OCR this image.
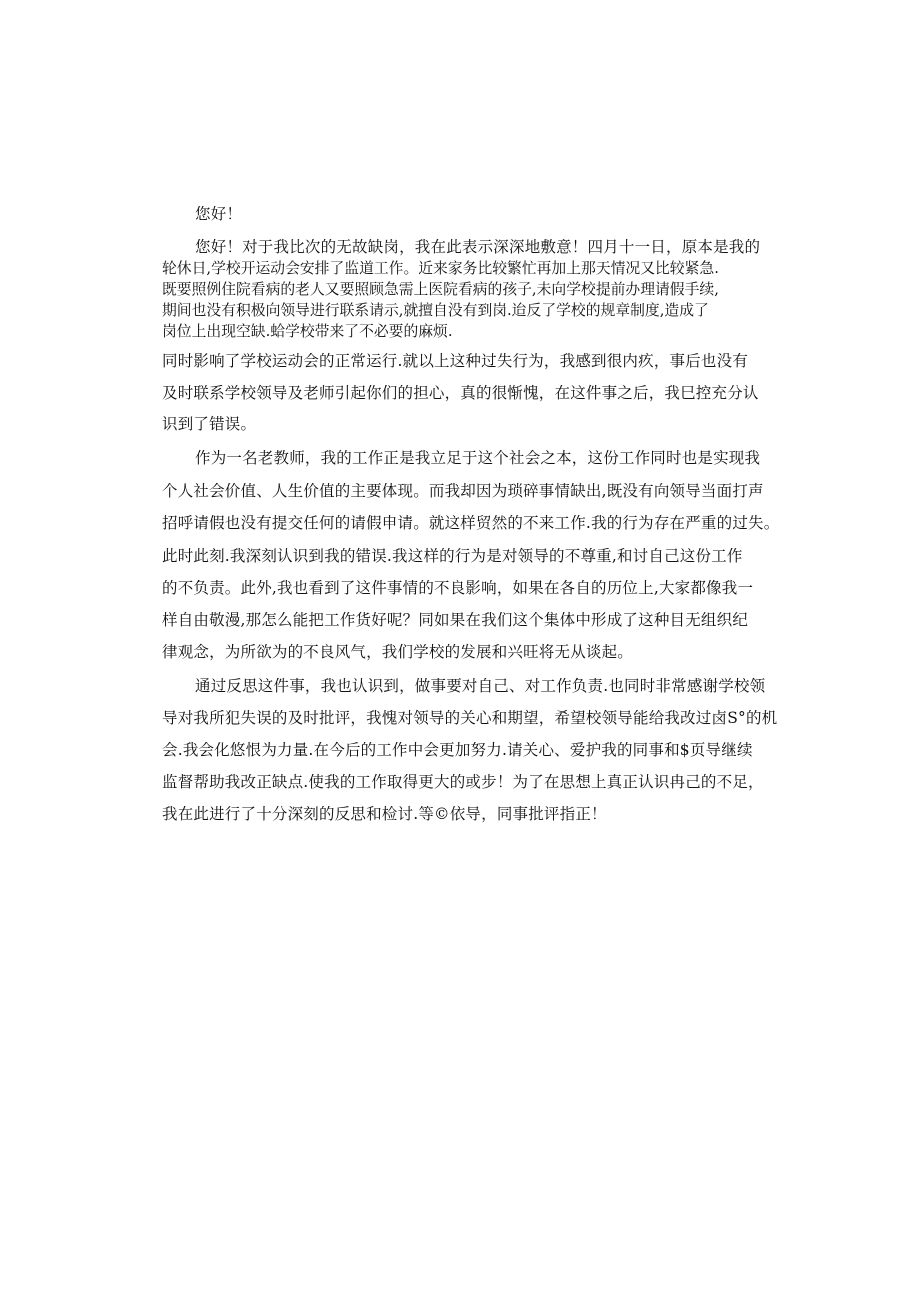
您好！
您好！对于我比次的无故缺岗，我在此表示深深地敷意！四月十一日，原本是我的
轮休日,学校开运动会安排了监道工作。近来家务比较繁忙再加上那天情况又比较紧急.
既要照例住院看病的老人又要照顾急需上医院看病的孩子,未向学校提前办理请假手续,
期间也没有积极向领导进行联系请示,就擅自没有到岗.迨反了学校的规章制度,造成了
岗位上出现空缺.蛤学校带来了不必要的麻烦.
同时影响了学校运动会的正常运行.就以上这种过失行为，我感到很内疚，事后也没有
及时联系学校领导及老师引起你们的担心，真的很惭愧，在这件事之后，我巳控充分认
识到了错误。
作为一名老教师，我的工作正是我立足于这个社会之本，这份工作同时也是实现我
个人社会价值、人生价值的主要体现。而我却因为琐碎事情缺出,既没有向领导当面打声
招呼请假也没有提交任何的请假申请。就这样贸然的不来工作.我的行为存在严重的过失。
此时此刻.我深刻认识到我的错误.我这样的行为是对领导的不尊重,和讨自己这份工作
的不负责。此外,我也看到了这件事情的不良影响，如果在各自的历位上,大家都像我一
样自由敬漫,那怎么能把工作货好呢？同如果在我们这个集体中形成了这种目无组织纪
律观念，为所欲为的不良风气，我们学校的发展和兴旺将无从谈起。
通过反思这件事，我也认识到，做事要对自己、对工作负责.也同时非常感谢学校领
导对我所犯失误的及时批评，我愧对领导的关心和期望，希望校领导能给我改过卤S°的机
会.我会化悠恨为力量.在今后的工作中会更加努力.请关心、爱护我的同事和$页导继续
监督帮助我改正缺点.使我的工作取得更大的或步！为了在思想上真正认识冉己的不足，
我在此进行了十分深刻的反思和检讨.等©依导，同事批评指正！
